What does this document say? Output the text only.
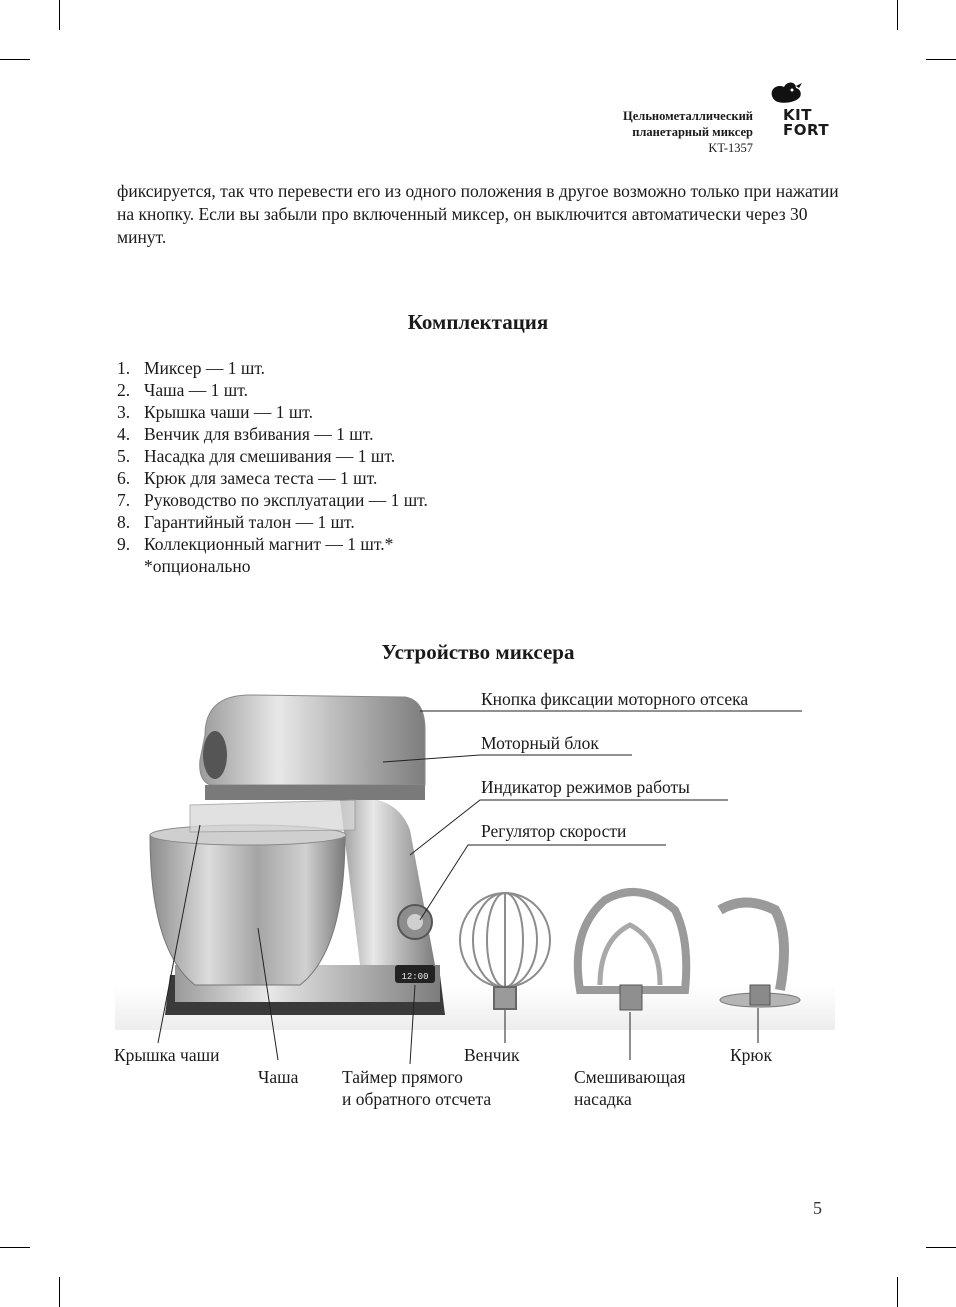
Цельнометаллический
планетарный миксер
KT-1357
KIT
FORT

фиксируется, так что перевести его из одного положения в другое возможно только при нажатии на кнопку. Если вы забыли про включенный миксер, он выключится автоматически через 30 минут.

Комплектация
1. Миксер — 1 шт.
2. Чаша — 1 шт.
3. Крышка чаши — 1 шт.
4. Венчик для взбивания — 1 шт.
5. Насадка для смешивания — 1 шт.
6. Крюк для замеса теста — 1 шт.
7. Руководство по эксплуатации — 1 шт.
8. Гарантийный талон — 1 шт.
9. Коллекционный магнит — 1 шт.*
*опционально
Устройство миксера
12:00
Кнопка фиксации моторного отсека
Моторный блок
Индикатор режимов работы
Регулятор скорости
Крышка чаши
Чаша Таймер прямого
и обратного отсчета
Венчик
Смешивающая
насадка
Крюк
5
